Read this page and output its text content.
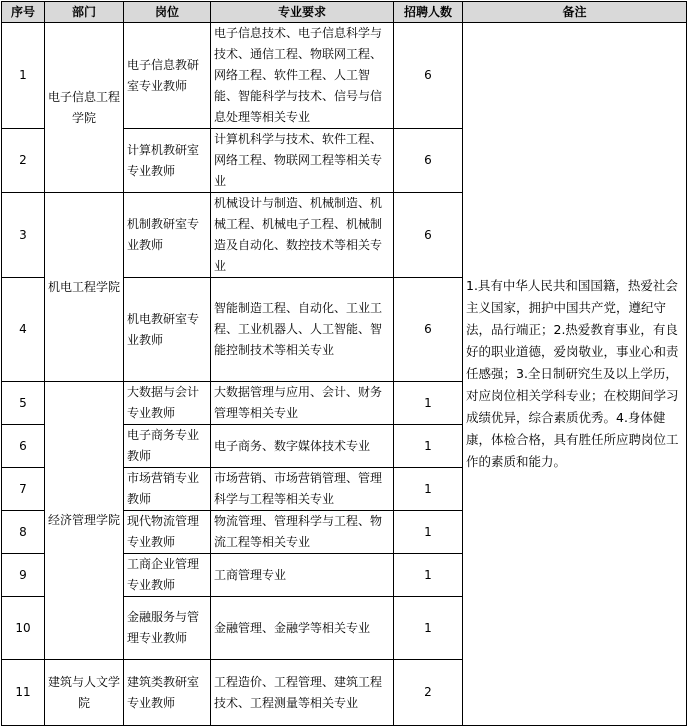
序号	部门	岗位	专业要求	招聘人数	备注
1	电子信息工程学院	电子信息教研室专业教师	电子信息技术、电子信息科学与技术、通信工程、物联网工程、网络工程、软件工程、人工智能、智能科学与技术、信号与信息处理等相关专业	6	1.具有中华人民共和国国籍，热爱社会主义国家，拥护中国共产党，遵纪守法，品行端正；2.热爱教育事业，有良好的职业道德，爱岗敬业，事业心和责任感强；3.全日制研究生及以上学历，对应岗位相关学科专业；在校期间学习成绩优异，综合素质优秀。4.身体健康，体检合格，具有胜任所应聘岗位工作的素质和能力。
2		计算机教研室专业教师	计算机科学与技术、软件工程、网络工程、物联网工程等相关专业	6	
3	机电工程学院	机制教研室专业教师	机械设计与制造、机械制造、机械工程、机械电子工程、机械制造及自动化、数控技术等相关专业	6	
4		机电教研室专业教师	智能制造工程、自动化、工业工程、工业机器人、人工智能、智能控制技术等相关专业	6	
5	经济管理学院	大数据与会计专业教师	大数据管理与应用、会计、财务管理等相关专业	1	
6		电子商务专业教师	电子商务、数字媒体技术专业	1	
7		市场营销专业教师	市场营销、市场营销管理、管理科学与工程等相关专业	1	
8		现代物流管理专业教师	物流管理、管理科学与工程、物流工程等相关专业	1	
9		工商企业管理专业教师	工商管理专业	1	
10		金融服务与管理专业教师	金融管理、金融学等相关专业	1	
11	建筑与人文学院	建筑类教研室专业教师	工程造价、工程管理、建筑工程技术、工程测量等相关专业	2	
